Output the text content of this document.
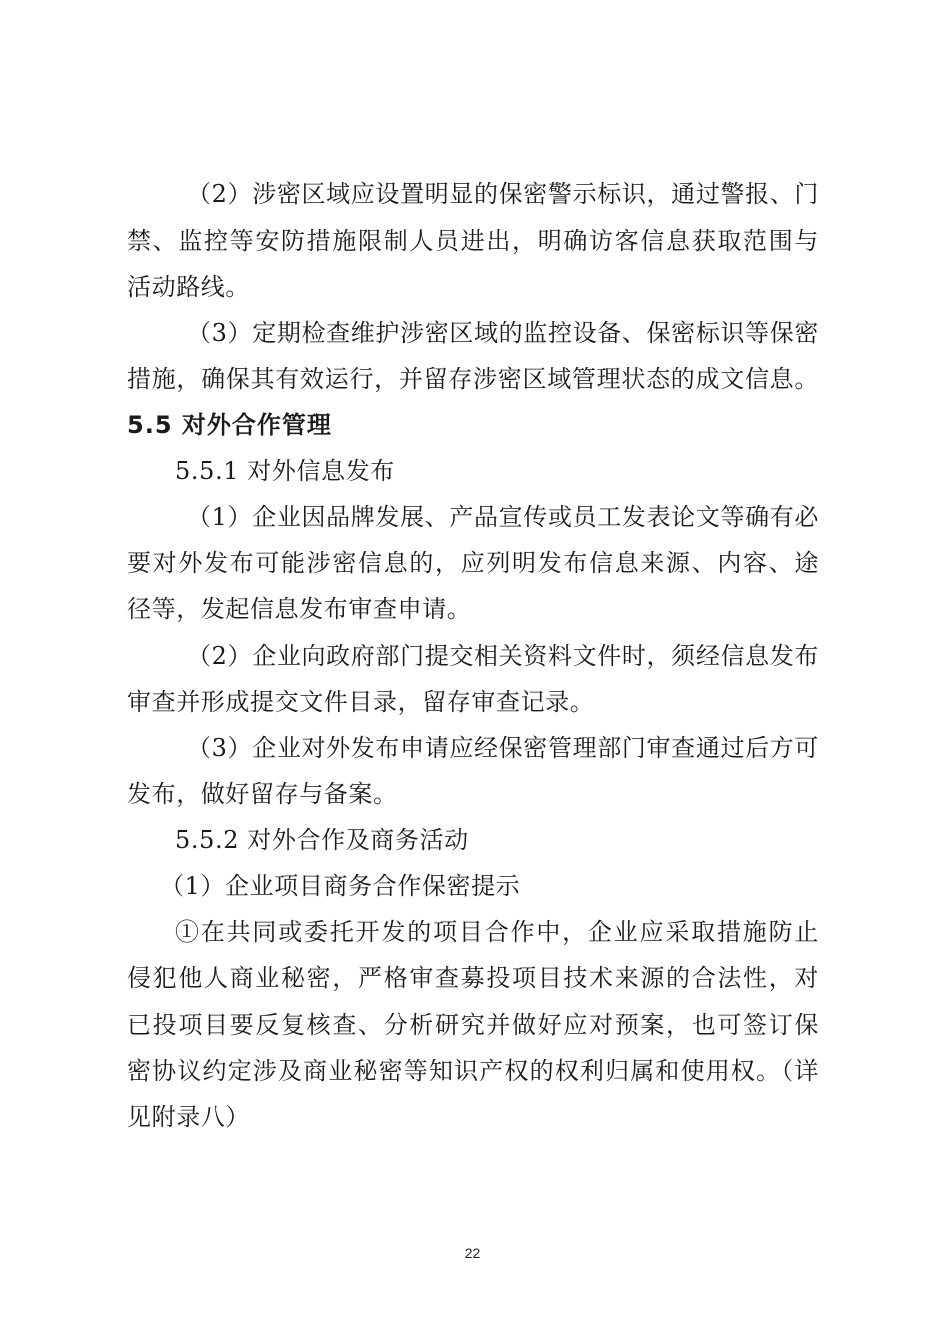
（2）涉密区域应设置明显的保密警示标识，通过警报、门
禁、监控等安防措施限制人员进出，明确访客信息获取范围与
活动路线。
（3）定期检查维护涉密区域的监控设备、保密标识等保密
措施，确保其有效运行，并留存涉密区域管理状态的成文信息。
5.5 对外合作管理
5.5.1 对外信息发布
（1）企业因品牌发展、产品宣传或员工发表论文等确有必
要对外发布可能涉密信息的，应列明发布信息来源、内容、途
径等，发起信息发布审查申请。
（2）企业向政府部门提交相关资料文件时，须经信息发布
审查并形成提交文件目录，留存审查记录。
（3）企业对外发布申请应经保密管理部门审查通过后方可
发布，做好留存与备案。
5.5.2 对外合作及商务活动
（1）企业项目商务合作保密提示
①在共同或委托开发的项目合作中，企业应采取措施防止
侵犯他人商业秘密，严格审查募投项目技术来源的合法性，对
已投项目要反复核查、分析研究并做好应对预案，也可签订保
密协议约定涉及商业秘密等知识产权的权利归属和使用权。（详
见附录八）
22
